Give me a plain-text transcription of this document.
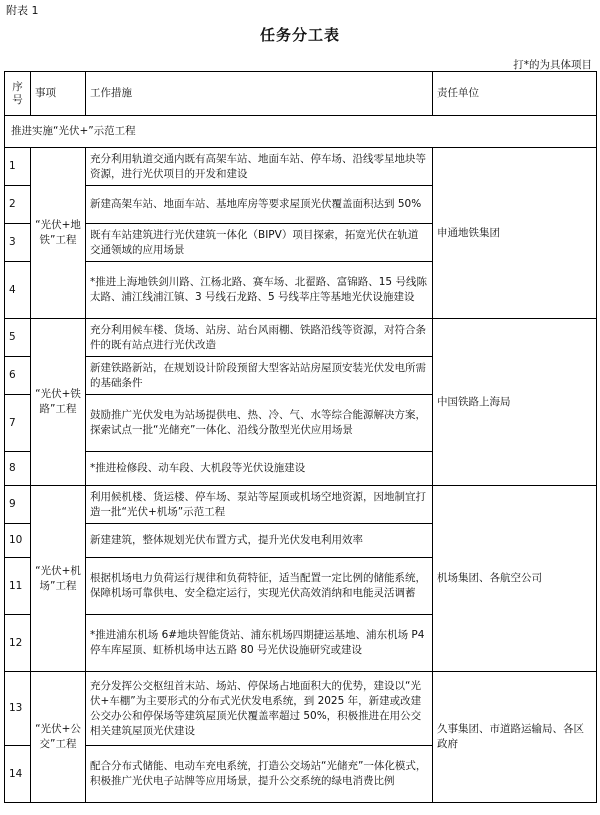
附表 1
任务分工表
打*的为具体项目
序号	事项	工作措施	责任单位
推进实施“光伏+”示范工程			
1	“光伏+地铁”工程	充分利用轨道交通内既有高架车站、地面车站、停车场、沿线零星地块等资源，进行光伏项目的开发和建设	申通地铁集团
2		新建高架车站、地面车站、基地库房等要求屋顶光伏覆盖面积达到 50%	
3		既有车站建筑进行光伏建筑一体化（BIPV）项目探索，拓宽光伏在轨道交通领域的应用场景	
4		*推进上海地铁剑川路、江杨北路、赛车场、北翟路、富锦路、15 号线陈太路、浦江线浦江镇、3 号线石龙路、5 号线莘庄等基地光伏设施建设	
5	“光伏+铁路”工程	充分利用候车楼、货场、站房、站台风雨棚、铁路沿线等资源，对符合条件的既有站点进行光伏改造	中国铁路上海局
6		新建铁路新站，在规划设计阶段预留大型客站站房屋顶安装光伏发电所需的基础条件	
7		鼓励推广光伏发电为站场提供电、热、冷、气、水等综合能源解决方案，探索试点一批“光储充”一体化、沿线分散型光伏应用场景	
8		*推进检修段、动车段、大机段等光伏设施建设	
9	“光伏+机场”工程	利用候机楼、货运楼、停车场、泵站等屋顶或机场空地资源，因地制宜打造一批“光伏+机场”示范工程	机场集团、各航空公司
10		新建建筑，整体规划光伏布置方式，提升光伏发电利用效率	
11		根据机场电力负荷运行规律和负荷特征，适当配置一定比例的储能系统，保障机场可靠供电、安全稳定运行，实现光伏高效消纳和电能灵活调蓄	
12		*推进浦东机场 6#地块智能货站、浦东机场四期捷运基地、浦东机场 P4 停车库屋顶、虹桥机场申达五路 80 号光伏设施研究或建设	
13	“光伏+公交”工程	充分发挥公交枢纽首末站、场站、停保场占地面积大的优势，建设以“光伏+车棚”为主要形式的分布式光伏发电系统，到 2025 年，新建或改建公交办公和停保场等建筑屋顶光伏覆盖率超过 50%，积极推进在用公交相关建筑屋顶光伏建设	久事集团、市道路运输局、各区政府
14		配合分布式储能、电动车充电系统，打造公交场站“光储充”一体化模式，积极推广光伏电子站牌等应用场景，提升公交系统的绿电消费比例	
